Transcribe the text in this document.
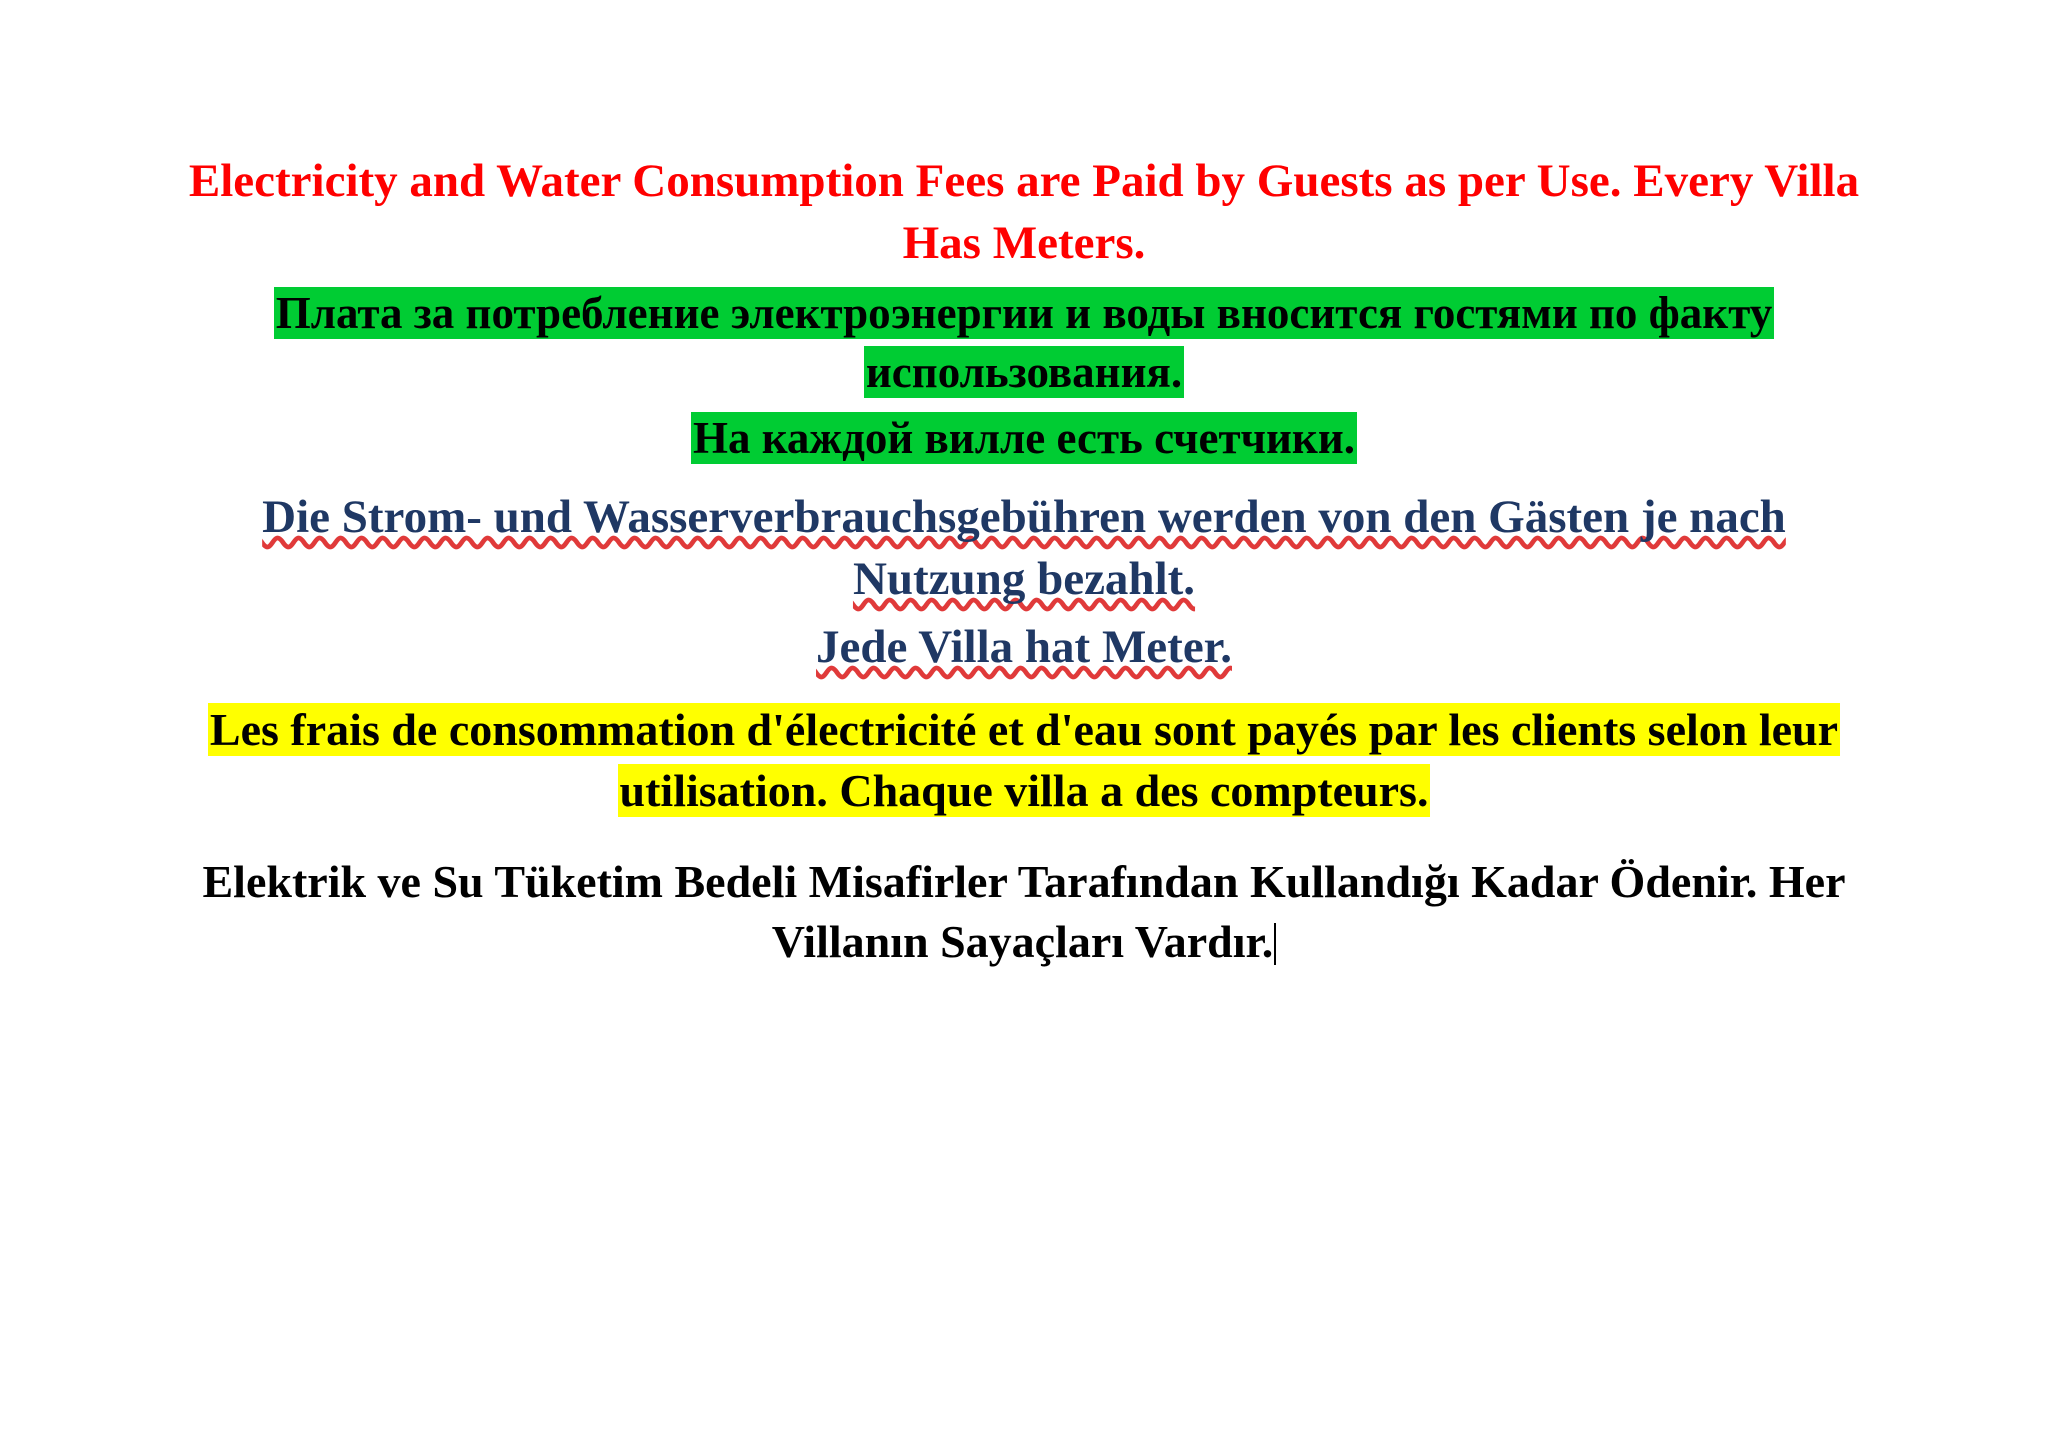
Electricity and Water Consumption Fees are Paid by Guests as per Use. Every Villa Has Meters.

Плата за потребление электроэнергии и воды вносится гостями по факту использования.

На каждой вилле есть счетчики.

Die Strom- und Wasserverbrauchsgebühren werden von den Gästen je nach Nutzung bezahlt.

Jede Villa hat Meter.

Les frais de consommation d'électricité et d'eau sont payés par les clients selon leur utilisation. Chaque villa a des compteurs.

Elektrik ve Su Tüketim Bedeli Misafirler Tarafından Kullandığı Kadar Ödenir. Her Villanın Sayaçları Vardır.
